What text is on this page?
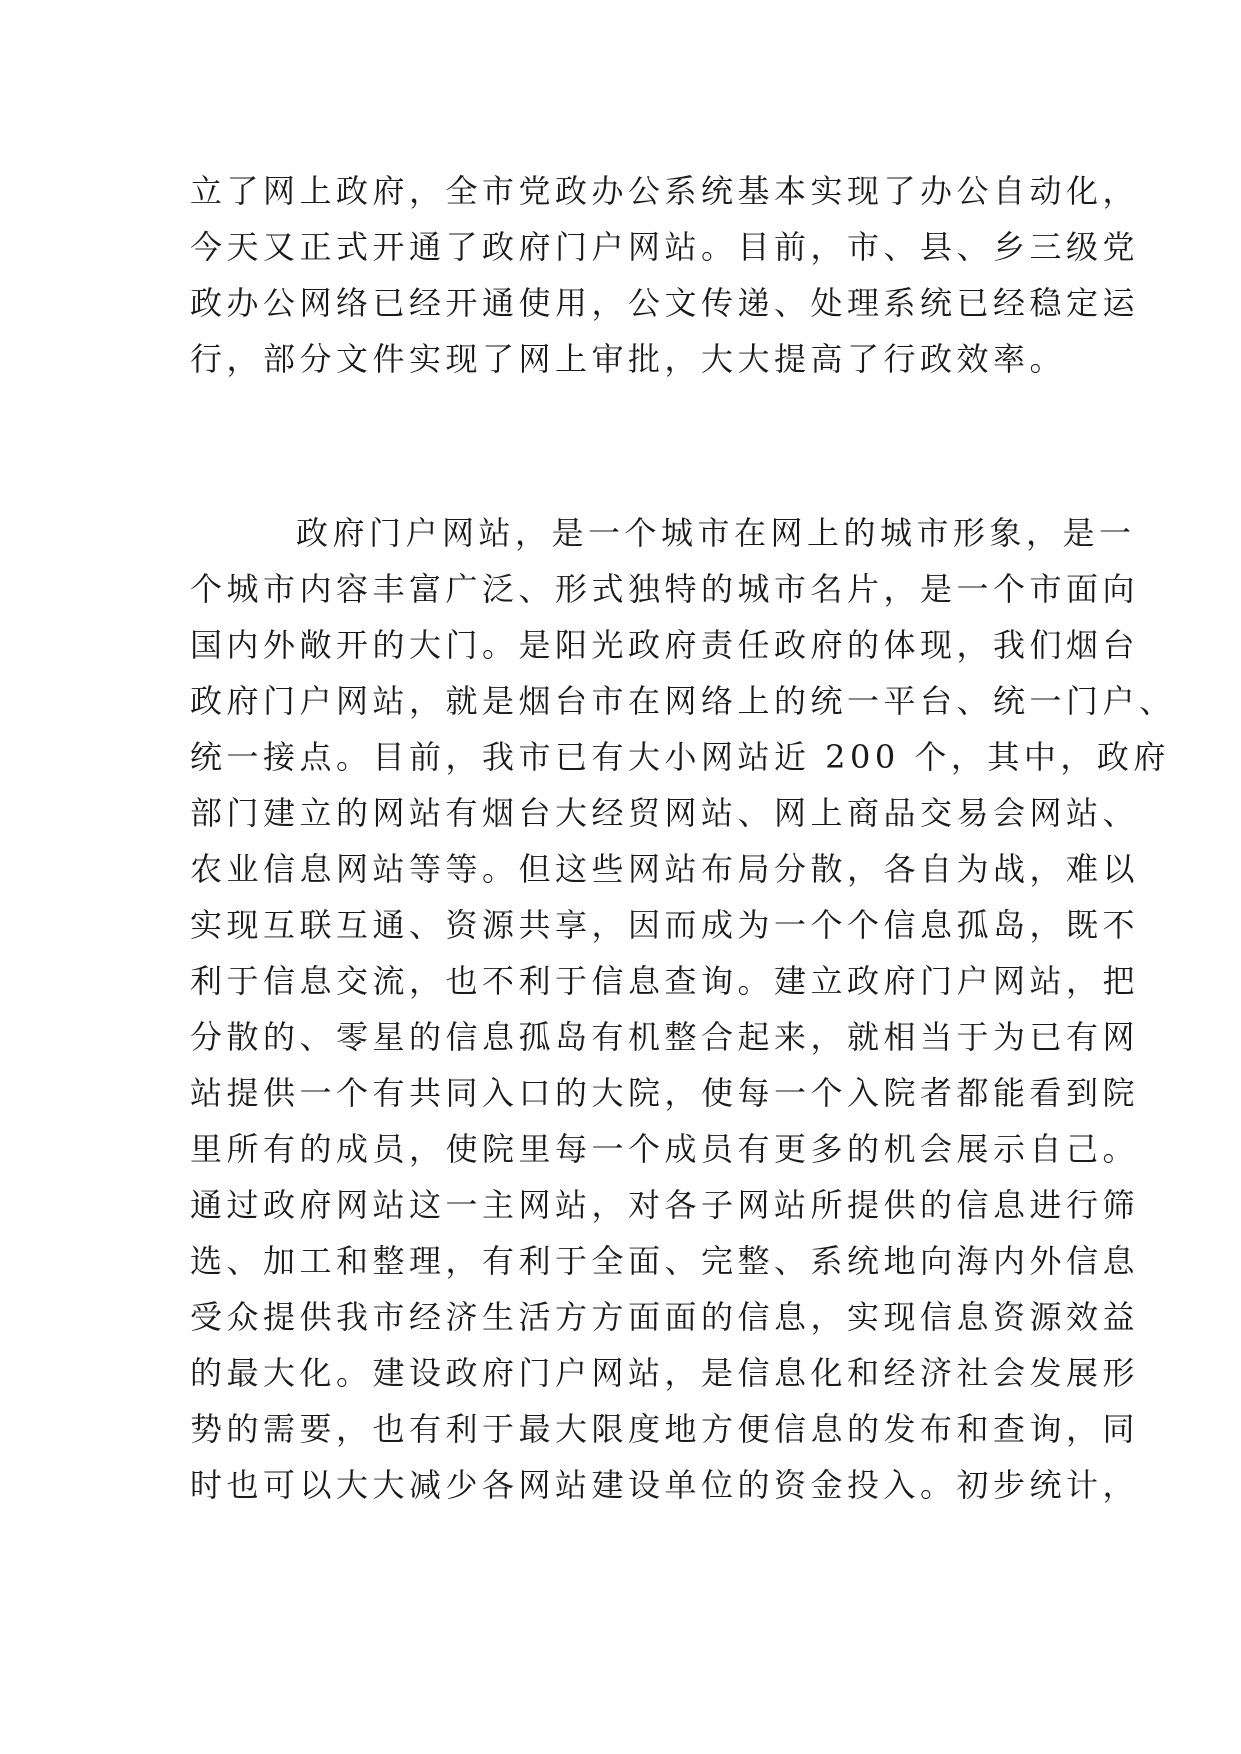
立了网上政府，全市党政办公系统基本实现了办公自动化，
今天又正式开通了政府门户网站。目前，市、县、乡三级党
政办公网络已经开通使用，公文传递、处理系统已经稳定运
行，部分文件实现了网上审批，大大提高了行政效率。
政府门户网站，是一个城市在网上的城市形象，是一
个城市内容丰富广泛、形式独特的城市名片，是一个市面向
国内外敞开的大门。是阳光政府责任政府的体现，我们烟台
政府门户网站，就是烟台市在网络上的统一平台、统一门户、
统一接点。目前，我市已有大小网站近 200 个，其中，政府
部门建立的网站有烟台大经贸网站、网上商品交易会网站、
农业信息网站等等。但这些网站布局分散，各自为战，难以
实现互联互通、资源共享，因而成为一个个信息孤岛，既不
利于信息交流，也不利于信息查询。建立政府门户网站，把
分散的、零星的信息孤岛有机整合起来，就相当于为已有网
站提供一个有共同入口的大院，使每一个入院者都能看到院
里所有的成员，使院里每一个成员有更多的机会展示自己。
通过政府网站这一主网站，对各子网站所提供的信息进行筛
选、加工和整理，有利于全面、完整、系统地向海内外信息
受众提供我市经济生活方方面面的信息，实现信息资源效益
的最大化。建设政府门户网站，是信息化和经济社会发展形
势的需要，也有利于最大限度地方便信息的发布和查询，同
时也可以大大减少各网站建设单位的资金投入。初步统计，
